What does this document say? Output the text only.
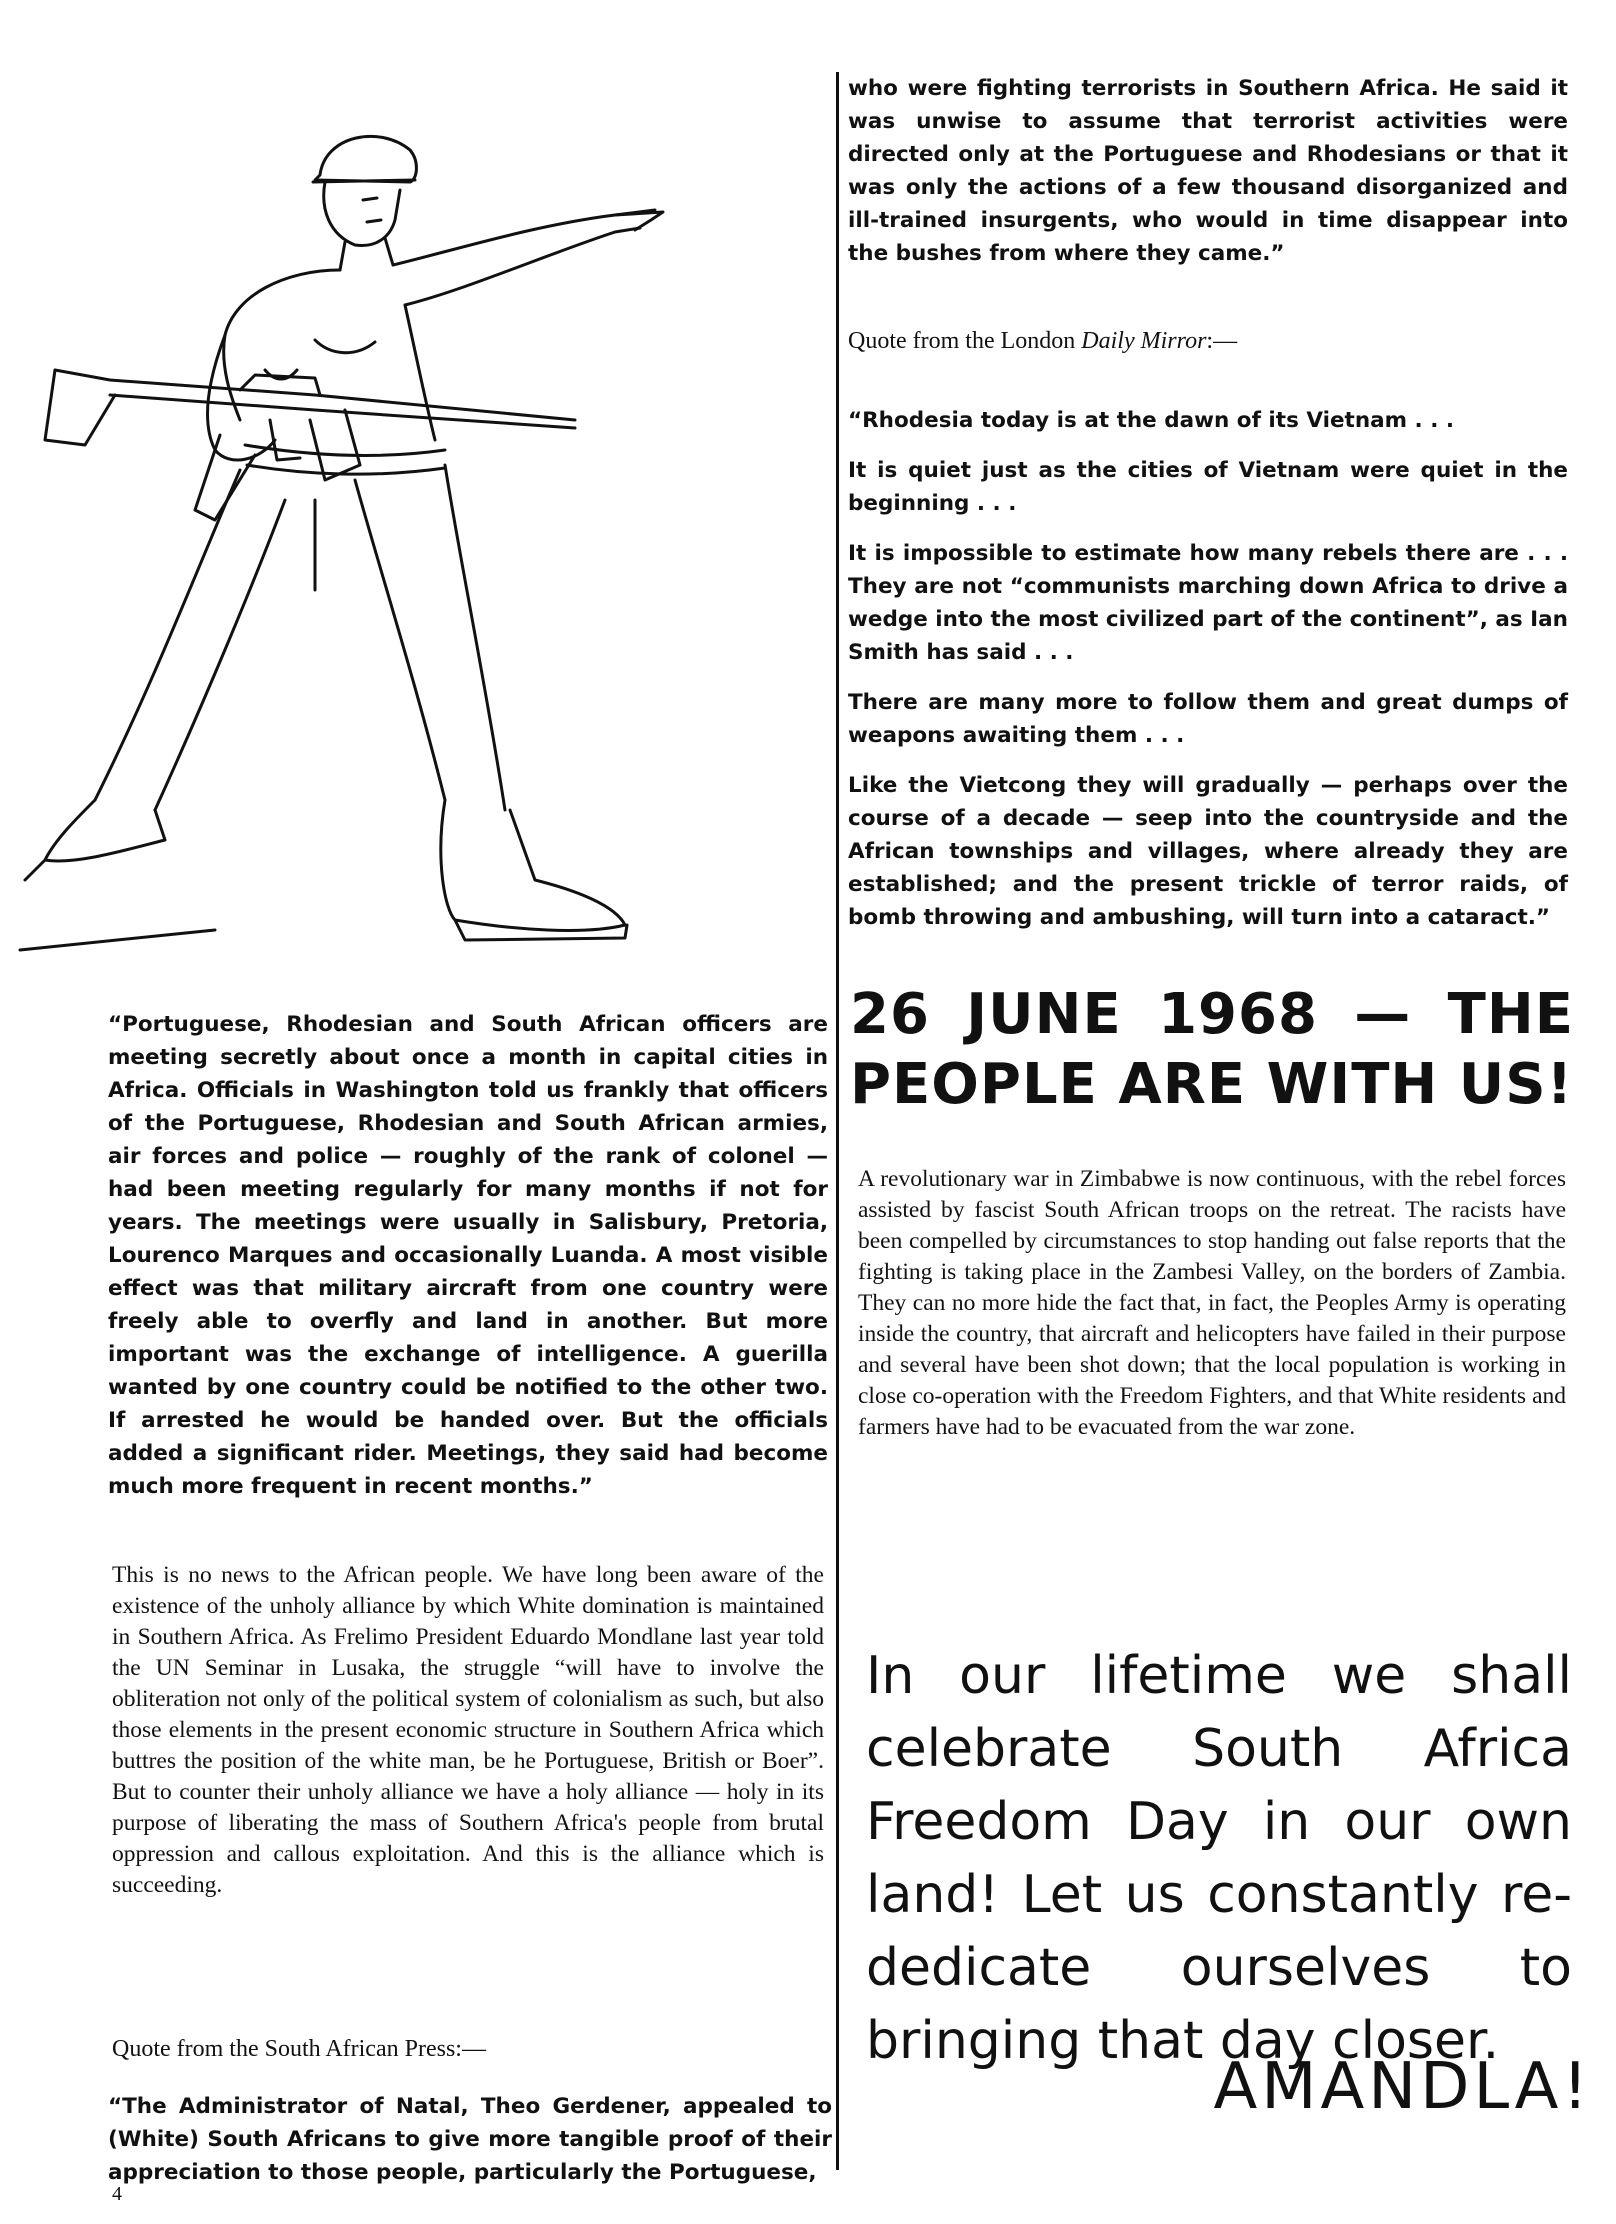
“Portuguese, Rhodesian and South African officers are meeting secretly about once a month in capital cities in Africa. Officials in Washington told us frankly that officers of the Portuguese, Rhodesian and South African armies, air forces and police — roughly of the rank of colonel — had been meeting regularly for many months if not for years. The meetings were usually in Salisbury, Pretoria, Lourenco Marques and occasionally Luanda. A most visible effect was that military aircraft from one country were freely able to overfly and land in another. But more important was the exchange of intelligence. A guerilla wanted by one country could be notified to the other two. If arrested he would be handed over. But the officials added a significant rider. Meetings, they said had become much more frequent in recent months.”

This is no news to the African people. We have long been aware of the existence of the unholy alliance by which White domination is maintained in Southern Africa. As Frelimo President Eduardo Mondlane last year told the UN Seminar in Lusaka, the struggle “will have to involve the obliteration not only of the political system of colonialism as such, but also those elements in the present economic structure in Southern Africa which buttres the position of the white man, be he Portuguese, British or Boer”. But to counter their unholy alliance we have a holy alliance — holy in its purpose of liberating the mass of Southern Africa's people from brutal oppression and callous exploitation. And this is the alliance which is succeeding.

Quote from the South African Press:—

“The Administrator of Natal, Theo Gerdener, appealed to (White) South Africans to give more tangible proof of their appreciation to those people, particularly the Portuguese,

4

who were fighting terrorists in Southern Africa. He said it was unwise to assume that terrorist activities were directed only at the Portuguese and Rhodesians or that it was only the actions of a few thousand disorganized and ill-trained insurgents, who would in time disappear into the bushes from where they came.”

Quote from the London Daily Mirror:—

“Rhodesia today is at the dawn of its Vietnam . . .

It is quiet just as the cities of Vietnam were quiet in the beginning . . .

It is impossible to estimate how many rebels there are . . . They are not “communists marching down Africa to drive a wedge into the most civilized part of the continent”, as Ian Smith has said . . .

There are many more to follow them and great dumps of weapons awaiting them . . .

Like the Vietcong they will gradually — perhaps over the course of a decade — seep into the countryside and the African townships and villages, where already they are established; and the present trickle of terror raids, of bomb throwing and ambushing, will turn into a cataract.”

26 JUNE 1968 — THE PEOPLE ARE WITH US!

A revolutionary war in Zimbabwe is now continuous, with the rebel forces assisted by fascist South African troops on the retreat. The racists have been compelled by circumstances to stop handing out false reports that the fighting is taking place in the Zambesi Valley, on the borders of Zambia. They can no more hide the fact that, in fact, the Peoples Army is operating inside the country, that aircraft and helicopters have failed in their purpose and several have been shot down; that the local population is working in close co-operation with the Freedom Fighters, and that White residents and farmers have had to be evacuated from the war zone.

In our lifetime we shall celebrate South Africa Freedom Day in our own land! Let us constantly re-dedicate ourselves to bringing that day closer.

AMANDLA!
